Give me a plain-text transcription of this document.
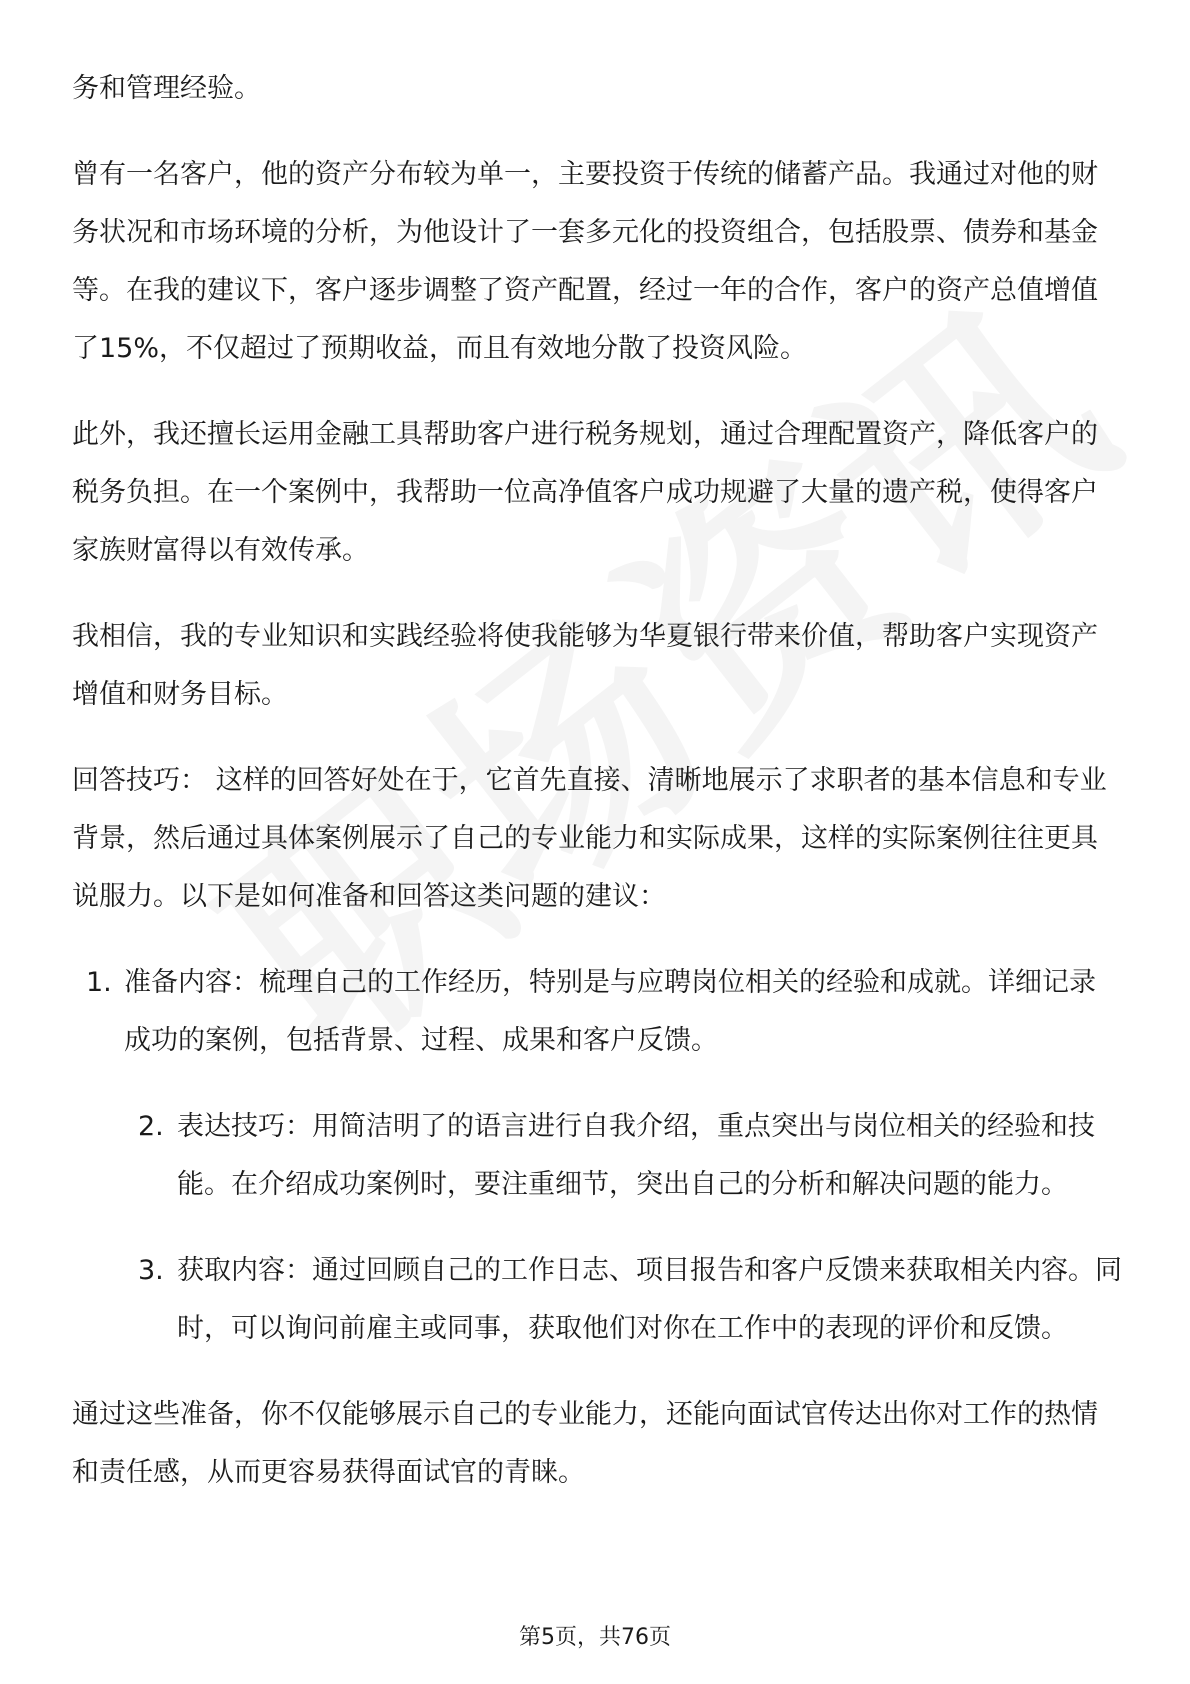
务和管理经验。

曾有一名客户，他的资产分布较为单一，主要投资于传统的储蓄产品。我通过对他的财务状况和市场环境的分析，为他设计了一套多元化的投资组合，包括股票、债券和基金等。在我的建议下，客户逐步调整了资产配置，经过一年的合作，客户的资产总值增值了15%，不仅超过了预期收益，而且有效地分散了投资风险。

此外，我还擅长运用金融工具帮助客户进行税务规划，通过合理配置资产，降低客户的税务负担。在一个案例中，我帮助一位高净值客户成功规避了大量的遗产税，使得客户家族财富得以有效传承。

我相信，我的专业知识和实践经验将使我能够为华夏银行带来价值，帮助客户实现资产增值和财务目标。

回答技巧： 这样的回答好处在于，它首先直接、清晰地展示了求职者的基本信息和专业背景，然后通过具体案例展示了自己的专业能力和实际成果，这样的实际案例往往更具说服力。以下是如何准备和回答这类问题的建议：

1. 准备内容：梳理自己的工作经历，特别是与应聘岗位相关的经验和成就。详细记录成功的案例，包括背景、过程、成果和客户反馈。
2. 表达技巧：用简洁明了的语言进行自我介绍，重点突出与岗位相关的经验和技能。在介绍成功案例时，要注重细节，突出自己的分析和解决问题的能力。
3. 获取内容：通过回顾自己的工作日志、项目报告和客户反馈来获取相关内容。同时，可以询问前雇主或同事，获取他们对你在工作中的表现的评价和反馈。

通过这些准备，你不仅能够展示自己的专业能力，还能向面试官传达出你对工作的热情和责任感，从而更容易获得面试官的青睐。

第5页，共76页
